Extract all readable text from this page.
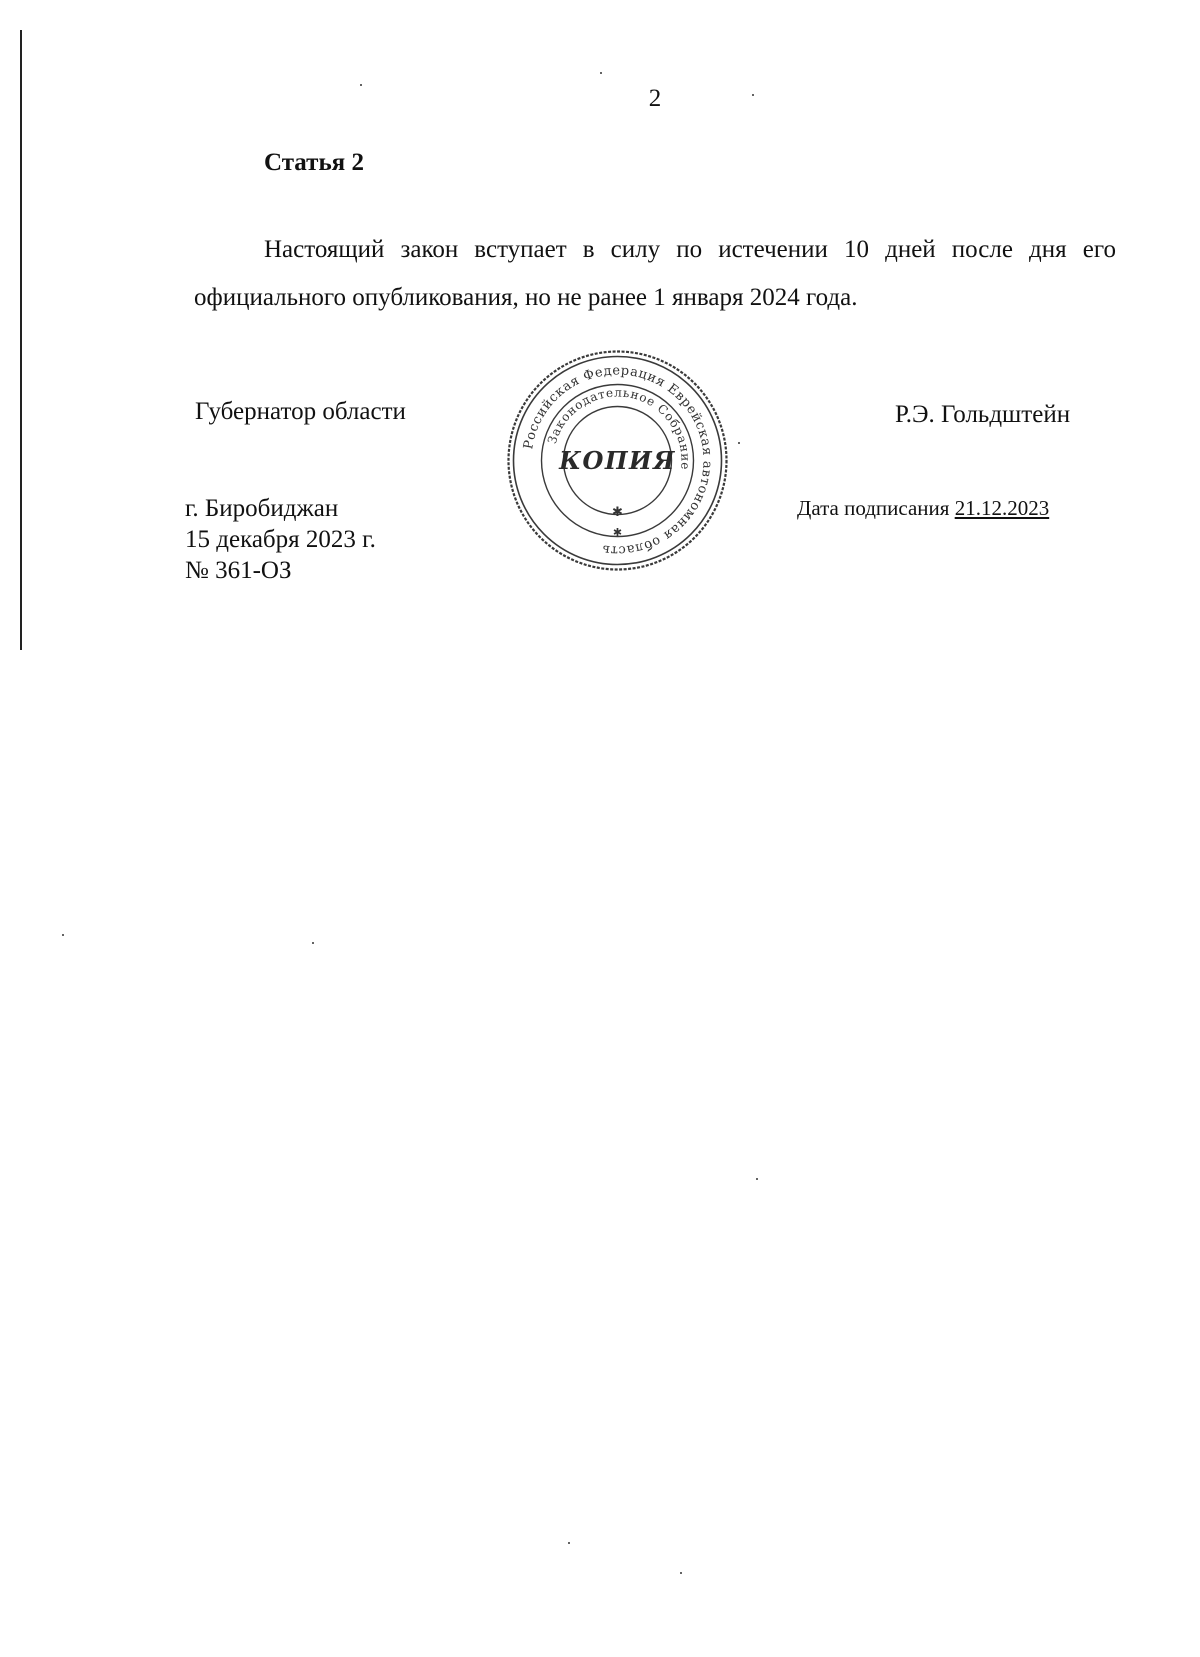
2
Статья 2

Настоящий закон вступает в силу по истечении 10 дней после дня его официального опубликования, но не ранее 1 января 2024 года.

Губернатор области	Р.Э. Гольдштейн
г. Биробиджан
15 декабря 2023 г.
№ 361-ОЗ
Дата подписания 21.12.2023
Российская Федерация Еврейская автономная область
Законодательное Собрание
КОПИЯ
✱
✱
